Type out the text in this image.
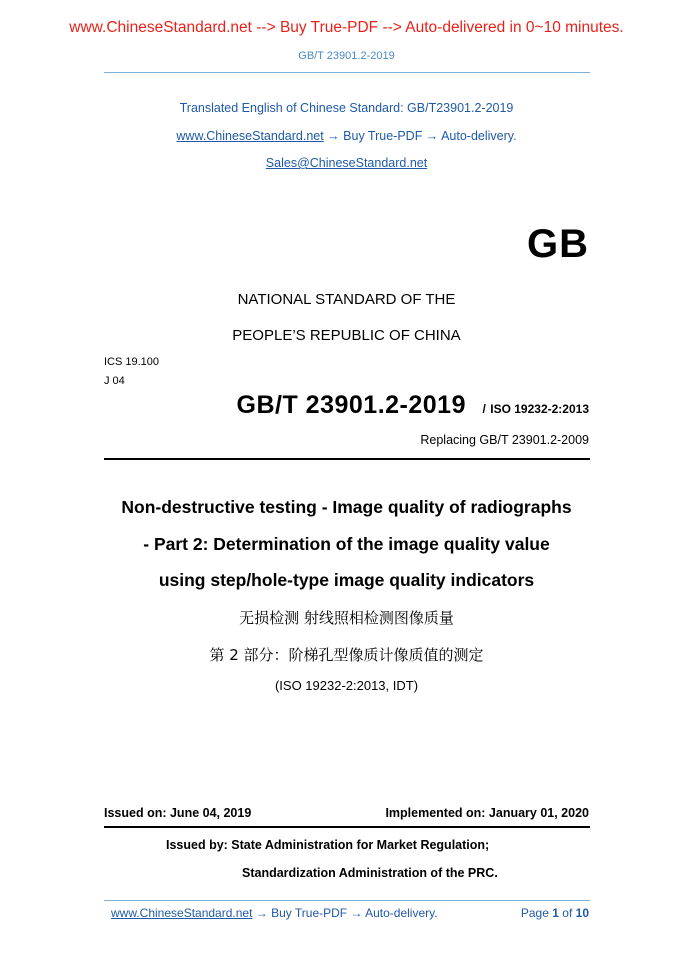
www.ChineseStandard.net --> Buy True-PDF --> Auto-delivered in 0~10 minutes.
GB/T 23901.2-2019
Translated English of Chinese Standard: GB/T23901.2-2019
www.ChineseStandard.net → Buy True-PDF → Auto-delivery.
Sales@ChineseStandard.net
GB
NATIONAL STANDARD OF THE
PEOPLE’S REPUBLIC OF CHINA
ICS 19.100
J 04
GB/T 23901.2-2019 / ISO 19232-2:2013
Replacing GB/T 23901.2-2009
Non-destructive testing - Image quality of radiographs
- Part 2: Determination of the image quality value
using step/hole-type image quality indicators
无损检测 射线照相检测图像质量
第 2 部分：阶梯孔型像质计像质值的测定
(ISO 19232-2:2013, IDT)
Issued on: June 04, 2019	Implemented on: January 01, 2020
Issued by: State Administration for Market Regulation;
Standardization Administration of the PRC.
www.ChineseStandard.net → Buy True-PDF → Auto-delivery.	Page 1 of 10
